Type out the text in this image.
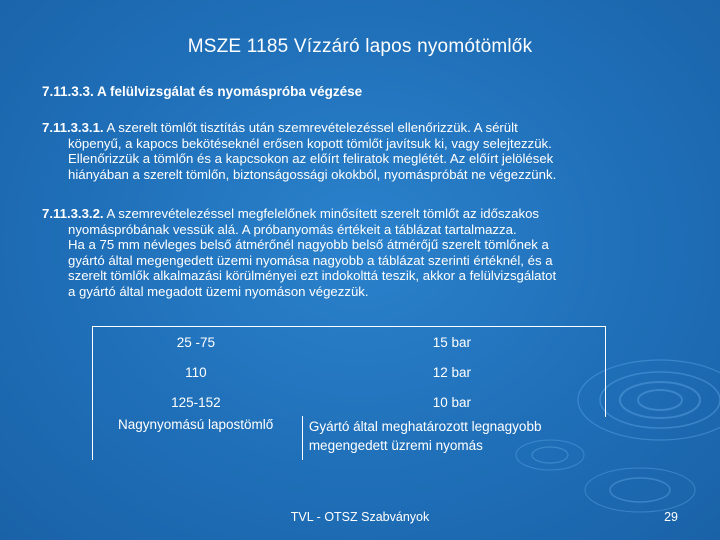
MSZE 1185 Vízzáró lapos nyomótömlők
7.11.3.3. A felülvizsgálat és nyomáspróba végzése
7.11.3.3.1. A szerelt tömlőt tisztítás után szemrevételezéssel ellenőrizzük. A sérült
köpenyű, a kapocs bekötéseknél erősen kopott tömlőt javítsuk ki, vagy selejtezzük.
Ellenőrizzük a tömlőn és a kapcsokon az előírt feliratok meglétét. Az előírt jelölések
hiányában a szerelt tömlőn, biztonságossági okokból, nyomáspróbát ne végezzünk.
7.11.3.3.2. A szemrevételezéssel megfelelőnek minősített szerelt tömlőt az időszakos
nyomáspróbának vessük alá. A próbanyomás értékeit a táblázat tartalmazza.
Ha a 75 mm névleges belső átmérőnél nagyobb belső átmérőjű szerelt tömlőnek a
gyártó által megengedett üzemi nyomása nagyobb a táblázat szerinti értéknél, és a
szerelt tömlők alkalmazási körülményei ezt indokolttá teszik, akkor a felülvizsgálatot
a gyártó által megadott üzemi nyomáson végezzük.
25 -75	15 bar
110	12 bar
125-152	10 bar
Nagynyomású lapostömlő	Gyártó által meghatározott legnagyobb megengedett üzremi nyomás
TVL - OTSZ Szabványok	29
